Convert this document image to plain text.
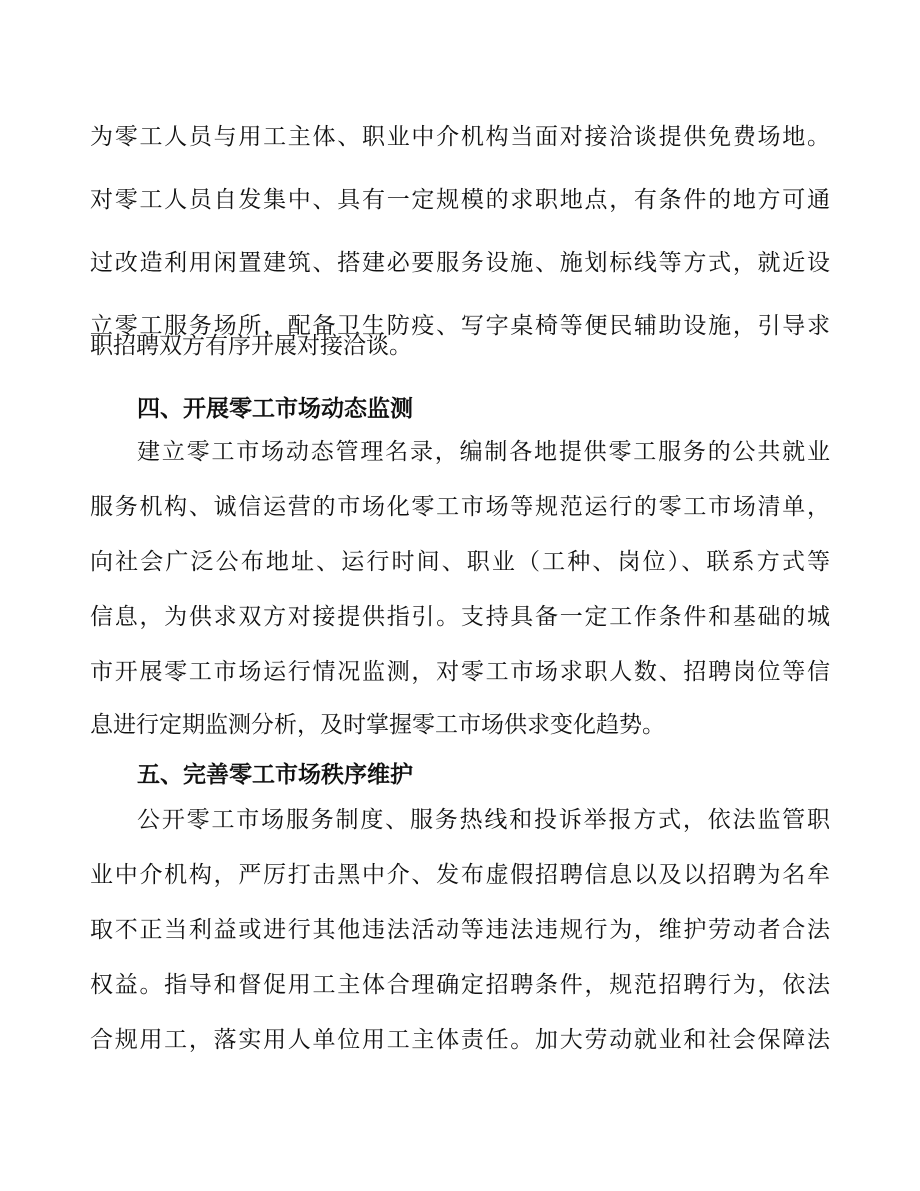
为零工人员与用工主体、职业中介机构当面对接洽谈提供免费场地。
对零工人员自发集中、具有一定规模的求职地点，有条件的地方可通
过改造利用闲置建筑、搭建必要服务设施、施划标线等方式，就近设
立零工服务场所，配备卫生防疫、写字桌椅等便民辅助设施，引导求
职招聘双方有序开展对接洽谈。
四、开展零工市场动态监测
建立零工市场动态管理名录，编制各地提供零工服务的公共就业
服务机构、诚信运营的市场化零工市场等规范运行的零工市场清单，
向社会广泛公布地址、运行时间、职业（工种、岗位）、联系方式等
信息，为供求双方对接提供指引。支持具备一定工作条件和基础的城
市开展零工市场运行情况监测，对零工市场求职人数、招聘岗位等信
息进行定期监测分析，及时掌握零工市场供求变化趋势。
五、完善零工市场秩序维护
公开零工市场服务制度、服务热线和投诉举报方式，依法监管职
业中介机构，严厉打击黑中介、发布虚假招聘信息以及以招聘为名牟
取不正当利益或进行其他违法活动等违法违规行为，维护劳动者合法
权益。指导和督促用工主体合理确定招聘条件，规范招聘行为，依法
合规用工，落实用人单位用工主体责任。加大劳动就业和社会保障法
